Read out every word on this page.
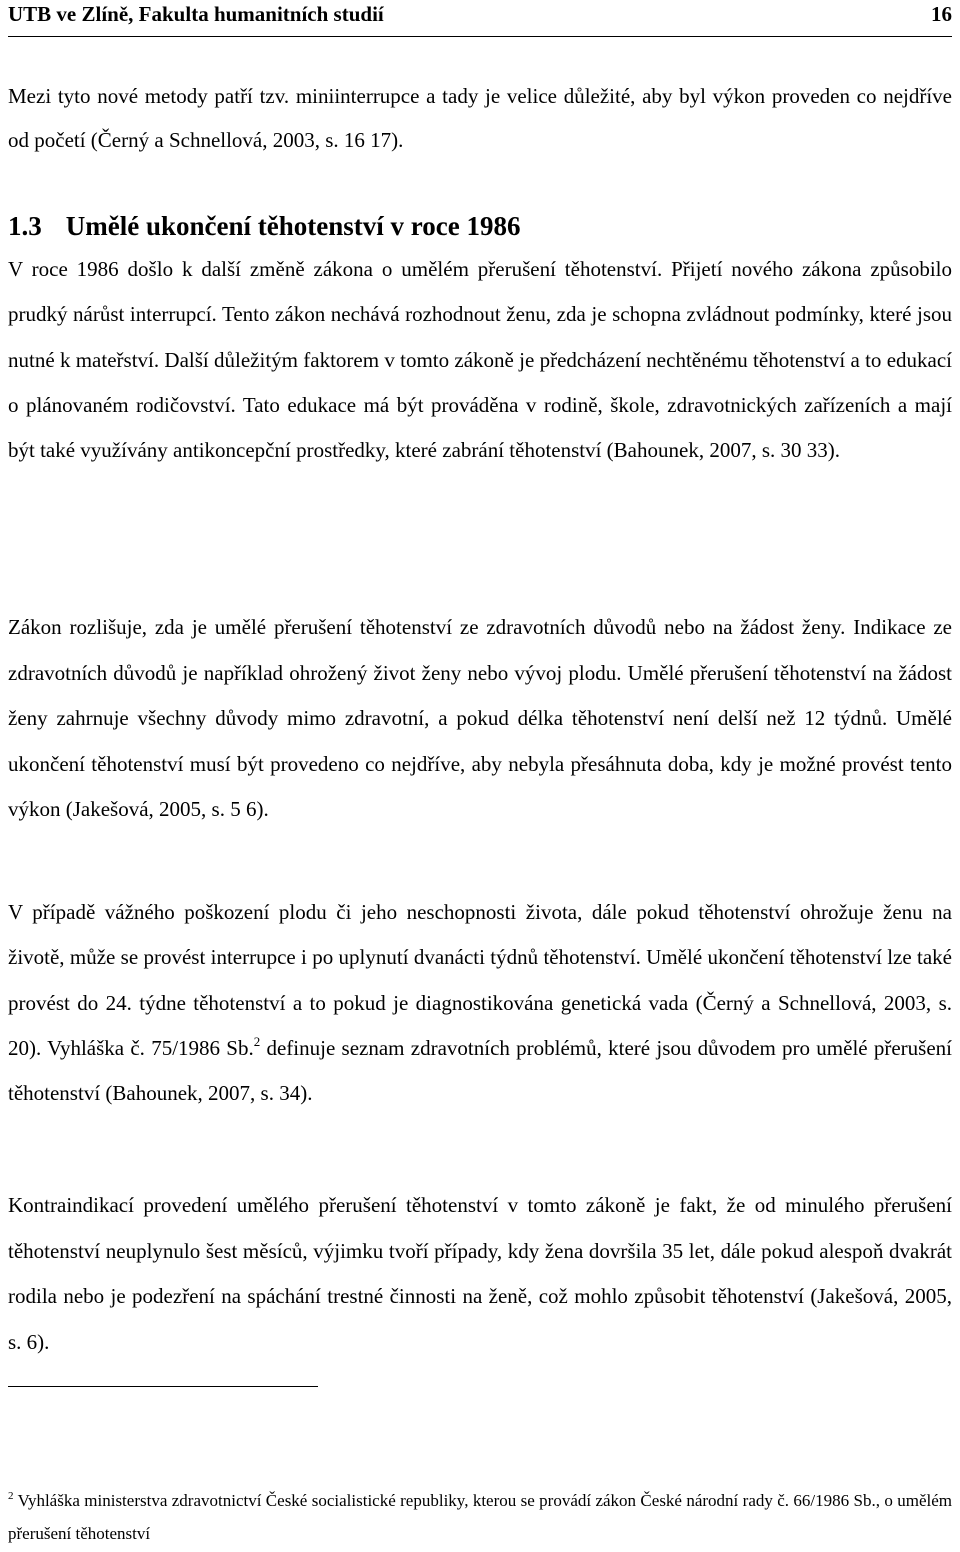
UTB ve Zlíně, Fakulta humanitních studií	16

Mezi tyto nové metody patří tzv. miniinterrupce a tady je velice důležité, aby byl výkon proveden co nejdříve od početí (Černý a Schnellová, 2003, s. 16 17).

1.3 Umělé ukončení těhotenství v roce 1986

V roce 1986 došlo k další změně zákona o umělém přerušení těhotenství. Přijetí nového zákona způsobilo prudký nárůst interrupcí. Tento zákon nechává rozhodnout ženu, zda je schopna zvládnout podmínky, které jsou nutné k mateřství. Další důležitým faktorem v tomto zákoně je předcházení nechtěnému těhotenství a to edukací o plánovaném rodičovství. Tato edukace má být prováděna v rodině, škole, zdravotnických zařízeních a mají být také využívány antikoncepční prostředky, které zabrání těhotenství (Bahounek, 2007, s. 30 33).

Zákon rozlišuje, zda je umělé přerušení těhotenství ze zdravotních důvodů nebo na žádost ženy. Indikace ze zdravotních důvodů je například ohrožený život ženy nebo vývoj plodu. Umělé přerušení těhotenství na žádost ženy zahrnuje všechny důvody mimo zdravotní, a pokud délka těhotenství není delší než 12 týdnů. Umělé ukončení těhotenství musí být provedeno co nejdříve, aby nebyla přesáhnuta doba, kdy je možné provést tento výkon (Jakešová, 2005, s. 5 6).

V případě vážného poškození plodu či jeho neschopnosti života, dále pokud těhotenství ohrožuje ženu na životě, může se provést interrupce i po uplynutí dvanácti týdnů těhotenství. Umělé ukončení těhotenství lze také provést do 24. týdne těhotenství a to pokud je diagnostikována genetická vada (Černý a Schnellová, 2003, s. 20). Vyhláška č. 75/1986 Sb.$^2$ definuje seznam zdravotních problémů, které jsou důvodem pro umělé přerušení těhotenství (Bahounek, 2007, s. 34).

Kontraindikací provedení umělého přerušení těhotenství v tomto zákoně je fakt, že od minulého přerušení těhotenství neuplynulo šest měsíců, výjimku tvoří případy, kdy žena dovršila 35 let, dále pokud alespoň dvakrát rodila nebo je podezření na spáchání trestné činnosti na ženě, což mohlo způsobit těhotenství (Jakešová, 2005, s. 6).

$^2$ Vyhláška ministerstva zdravotnictví České socialistické republiky, kterou se provádí zákon České národní rady č. 66/1986 Sb., o umělém přerušení těhotenství
